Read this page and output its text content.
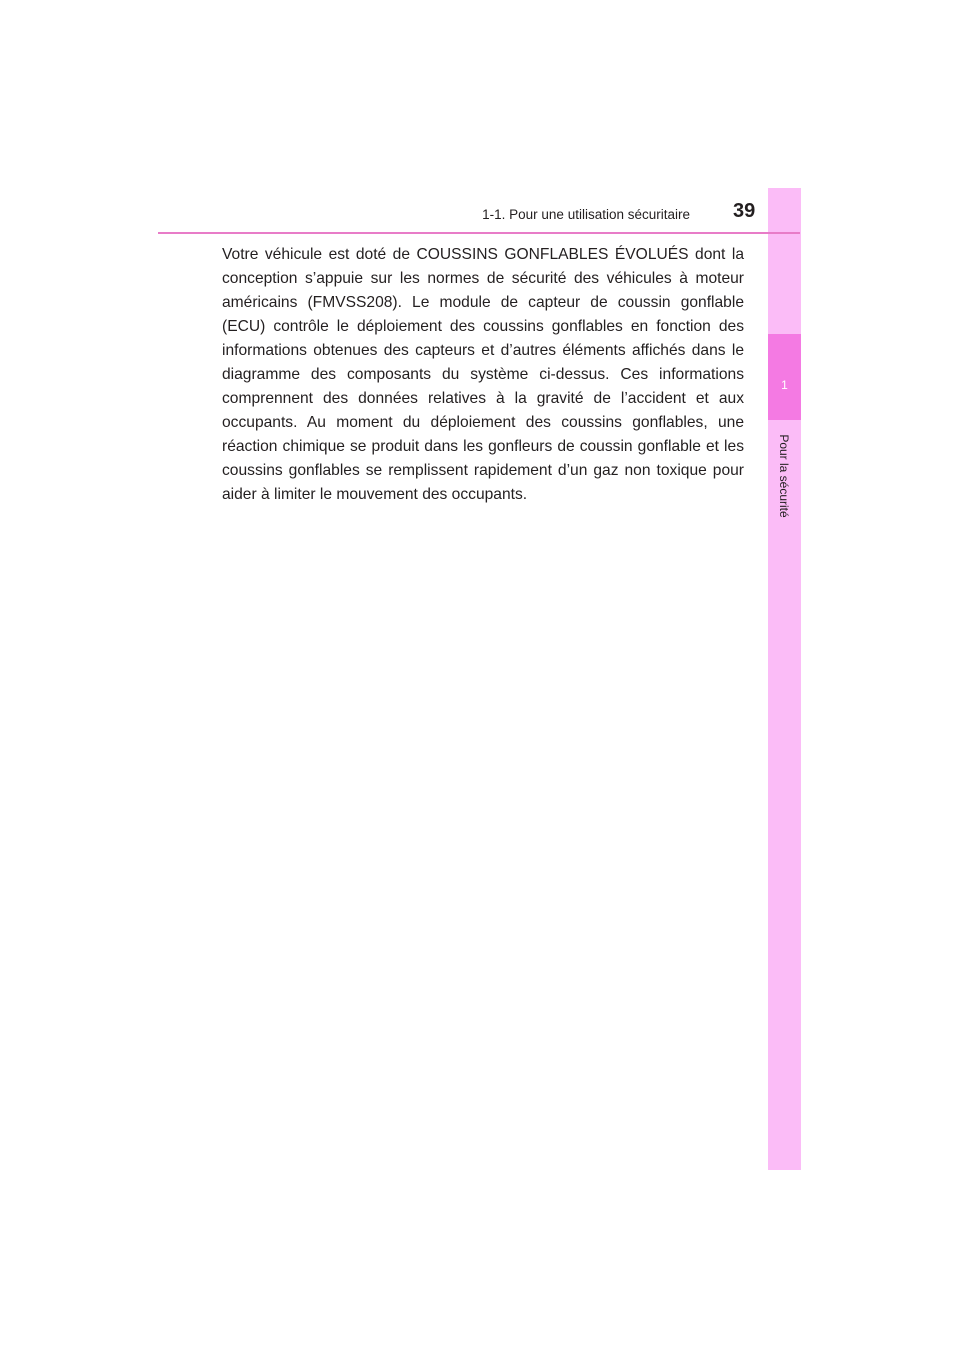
1
Pour la sécurité
1-1. Pour une utilisation sécuritaire 39

Votre véhicule est doté de COUSSINS GONFLABLES ÉVOLUÉS dont la conception s’appuie sur les normes de sécurité des véhicules à moteur américains (FMVSS208). Le module de capteur de coussin gonflable (ECU) contrôle le déploiement des coussins gonflables en fonction des informations obtenues des capteurs et d’autres éléments affichés dans le diagramme des composants du système ci-dessus. Ces informations comprennent des données relatives à la gravité de l’accident et aux occupants. Au moment du déploiement des coussins gonflables, une réaction chimique se produit dans les gonfleurs de coussin gonflable et les coussins gonflables se remplissent rapidement d’un gaz non toxique pour aider à limiter le mouvement des occupants.
